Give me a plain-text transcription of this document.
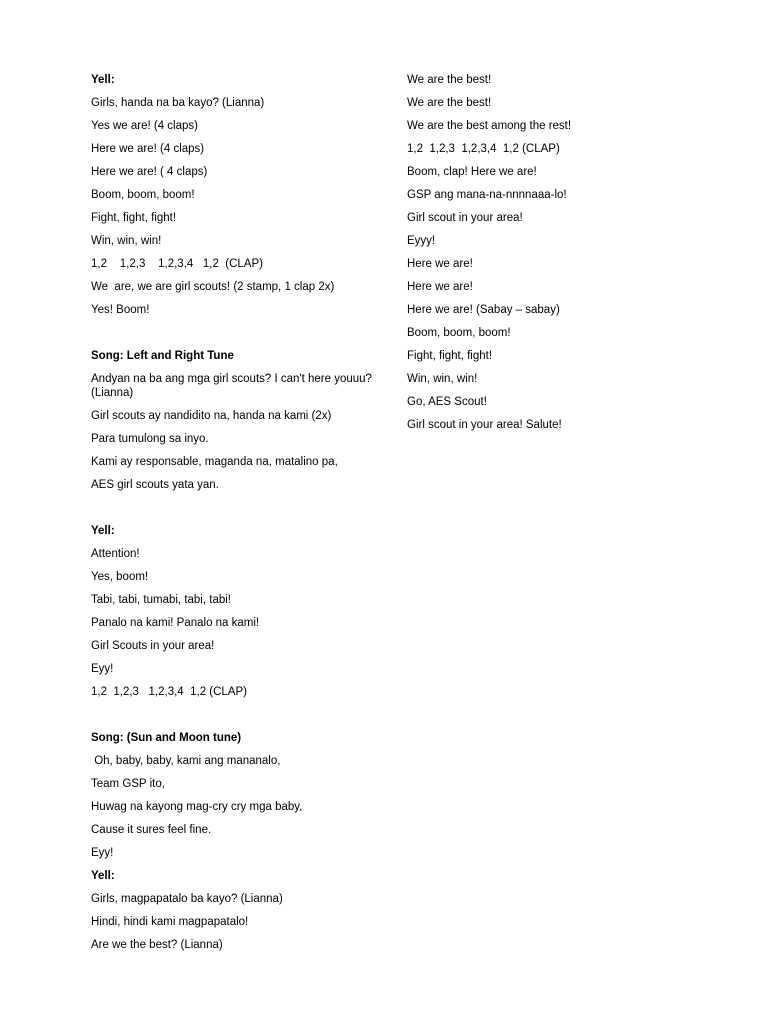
Yell:
Girls, handa na ba kayo? (Lianna)
Yes we are! (4 claps)
Here we are! (4 claps)
Here we are! ( 4 claps)
Boom, boom, boom!
Fight, fight, fight!
Win, win, win!
1,2    1,2,3    1,2,3,4   1,2  (CLAP)
We  are, we are girl scouts! (2 stamp, 1 clap 2x)
Yes! Boom!
Song: Left and Right Tune
Andyan na ba ang mga girl scouts? I can't here youuu? (Lianna)
Girl scouts ay nandidito na, handa na kami (2x)
Para tumulong sa inyo.
Kami ay responsable, maganda na, matalino pa,
AES girl scouts yata yan.
Yell:
Attention!
Yes, boom!
Tabi, tabi, tumabi, tabi, tabi!
Panalo na kami! Panalo na kami!
Girl Scouts in your area!
Eyy!
1,2  1,2,3   1,2,3,4  1,2 (CLAP)
Song: (Sun and Moon tune)
Oh, baby, baby, kami ang mananalo,
Team GSP ito,
Huwag na kayong mag-cry cry mga baby,
Cause it sures feel fine.
Eyy!
Yell:
Girls, magpapatalo ba kayo? (Lianna)
Hindi, hindi kami magpapatalo!
Are we the best? (Lianna)
We are the best!
We are the best!
We are the best among the rest!
1,2  1,2,3  1,2,3,4  1,2 (CLAP)
Boom, clap! Here we are!
GSP ang mana-na-nnnnaaa-lo!
Girl scout in your area!
Eyyy!
Here we are!
Here we are!
Here we are! (Sabay – sabay)
Boom, boom, boom!
Fight, fight, fight!
Win, win, win!
Go, AES Scout!
Girl scout in your area! Salute!
